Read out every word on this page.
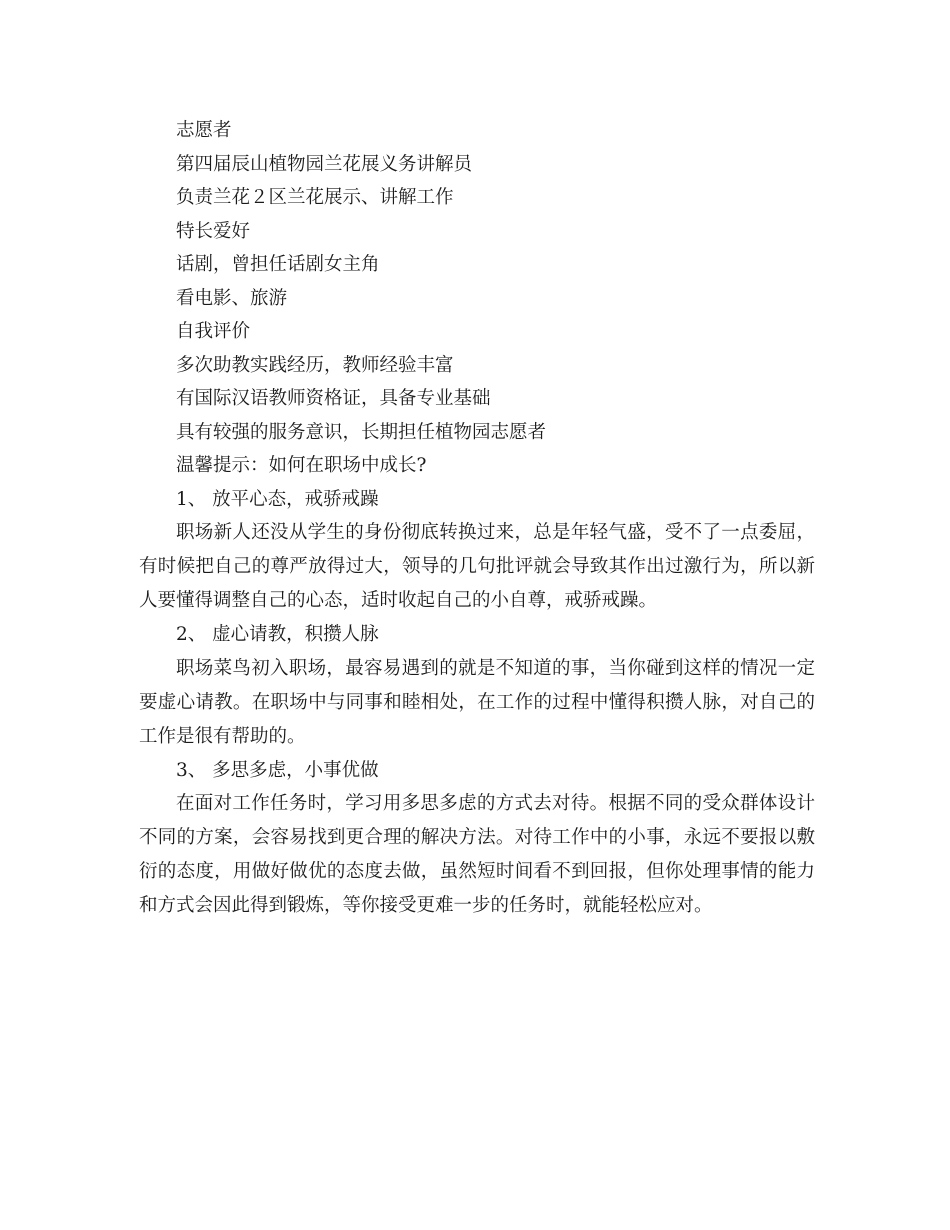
志愿者
第四届辰山植物园兰花展义务讲解员
负责兰花２区兰花展示、讲解工作
特长爱好
话剧，曾担任话剧女主角
看电影、旅游
自我评价
多次助教实践经历，教师经验丰富
有国际汉语教师资格证，具备专业基础
具有较强的服务意识，长期担任植物园志愿者
温馨提示：如何在职场中成长?
1、 放平心态，戒骄戒躁

职场新人还没从学生的身份彻底转换过来，总是年轻气盛，受不了一点委屈，有时候把自己的尊严放得过大，领导的几句批评就会导致其作出过激行为，所以新人要懂得调整自己的心态，适时收起自己的小自尊，戒骄戒躁。

2、 虚心请教，积攒人脉

职场菜鸟初入职场，最容易遇到的就是不知道的事，当你碰到这样的情况一定要虚心请教。在职场中与同事和睦相处，在工作的过程中懂得积攒人脉，对自己的工作是很有帮助的。

3、 多思多虑，小事优做

在面对工作任务时，学习用多思多虑的方式去对待。根据不同的受众群体设计不同的方案，会容易找到更合理的解决方法。对待工作中的小事，永远不要报以敷衍的态度，用做好做优的态度去做，虽然短时间看不到回报，但你处理事情的能力和方式会因此得到锻炼，等你接受更难一步的任务时，就能轻松应对。
